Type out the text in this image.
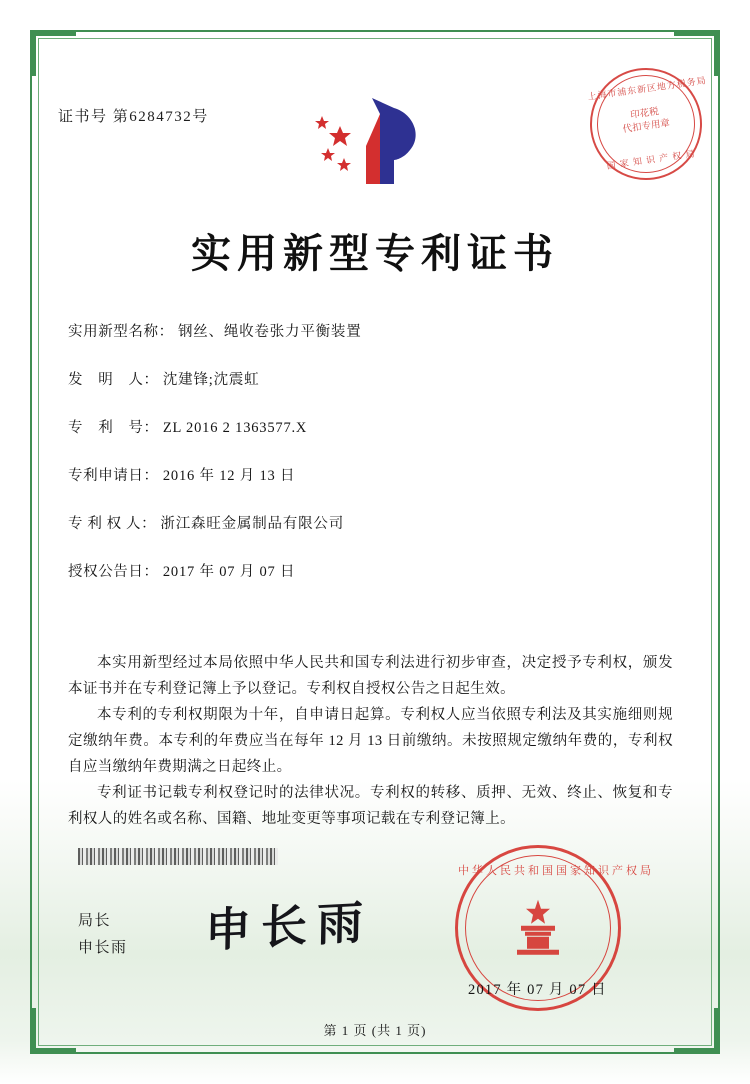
证书号 第6284732号
上海市浦东新区地方税务局
印花税
代扣专用章
国 家 知 识 产 权 局
实用新型专利证书
实用新型名称： 钢丝、绳收卷张力平衡装置
发　明　人： 沈建锋;沈震虹
专　利　号： ZL 2016 2 1363577.X
专利申请日： 2016 年 12 月 13 日
专 利 权 人： 浙江森旺金属制品有限公司
授权公告日： 2017 年 07 月 07 日

本实用新型经过本局依照中华人民共和国专利法进行初步审查，决定授予专利权，颁发本证书并在专利登记簿上予以登记。专利权自授权公告之日起生效。

本专利的专利权期限为十年，自申请日起算。专利权人应当依照专利法及其实施细则规定缴纳年费。本专利的年费应当在每年 12 月 13 日前缴纳。未按照规定缴纳年费的，专利权自应当缴纳年费期满之日起终止。

专利证书记载专利权登记时的法律状况。专利权的转移、质押、无效、终止、恢复和专利权人的姓名或名称、国籍、地址变更等事项记载在专利登记簿上。

局长
申长雨 申长雨
中华人民共和国国家知识产权局
2017 年 07 月 07 日
第 1 页 (共 1 页)
